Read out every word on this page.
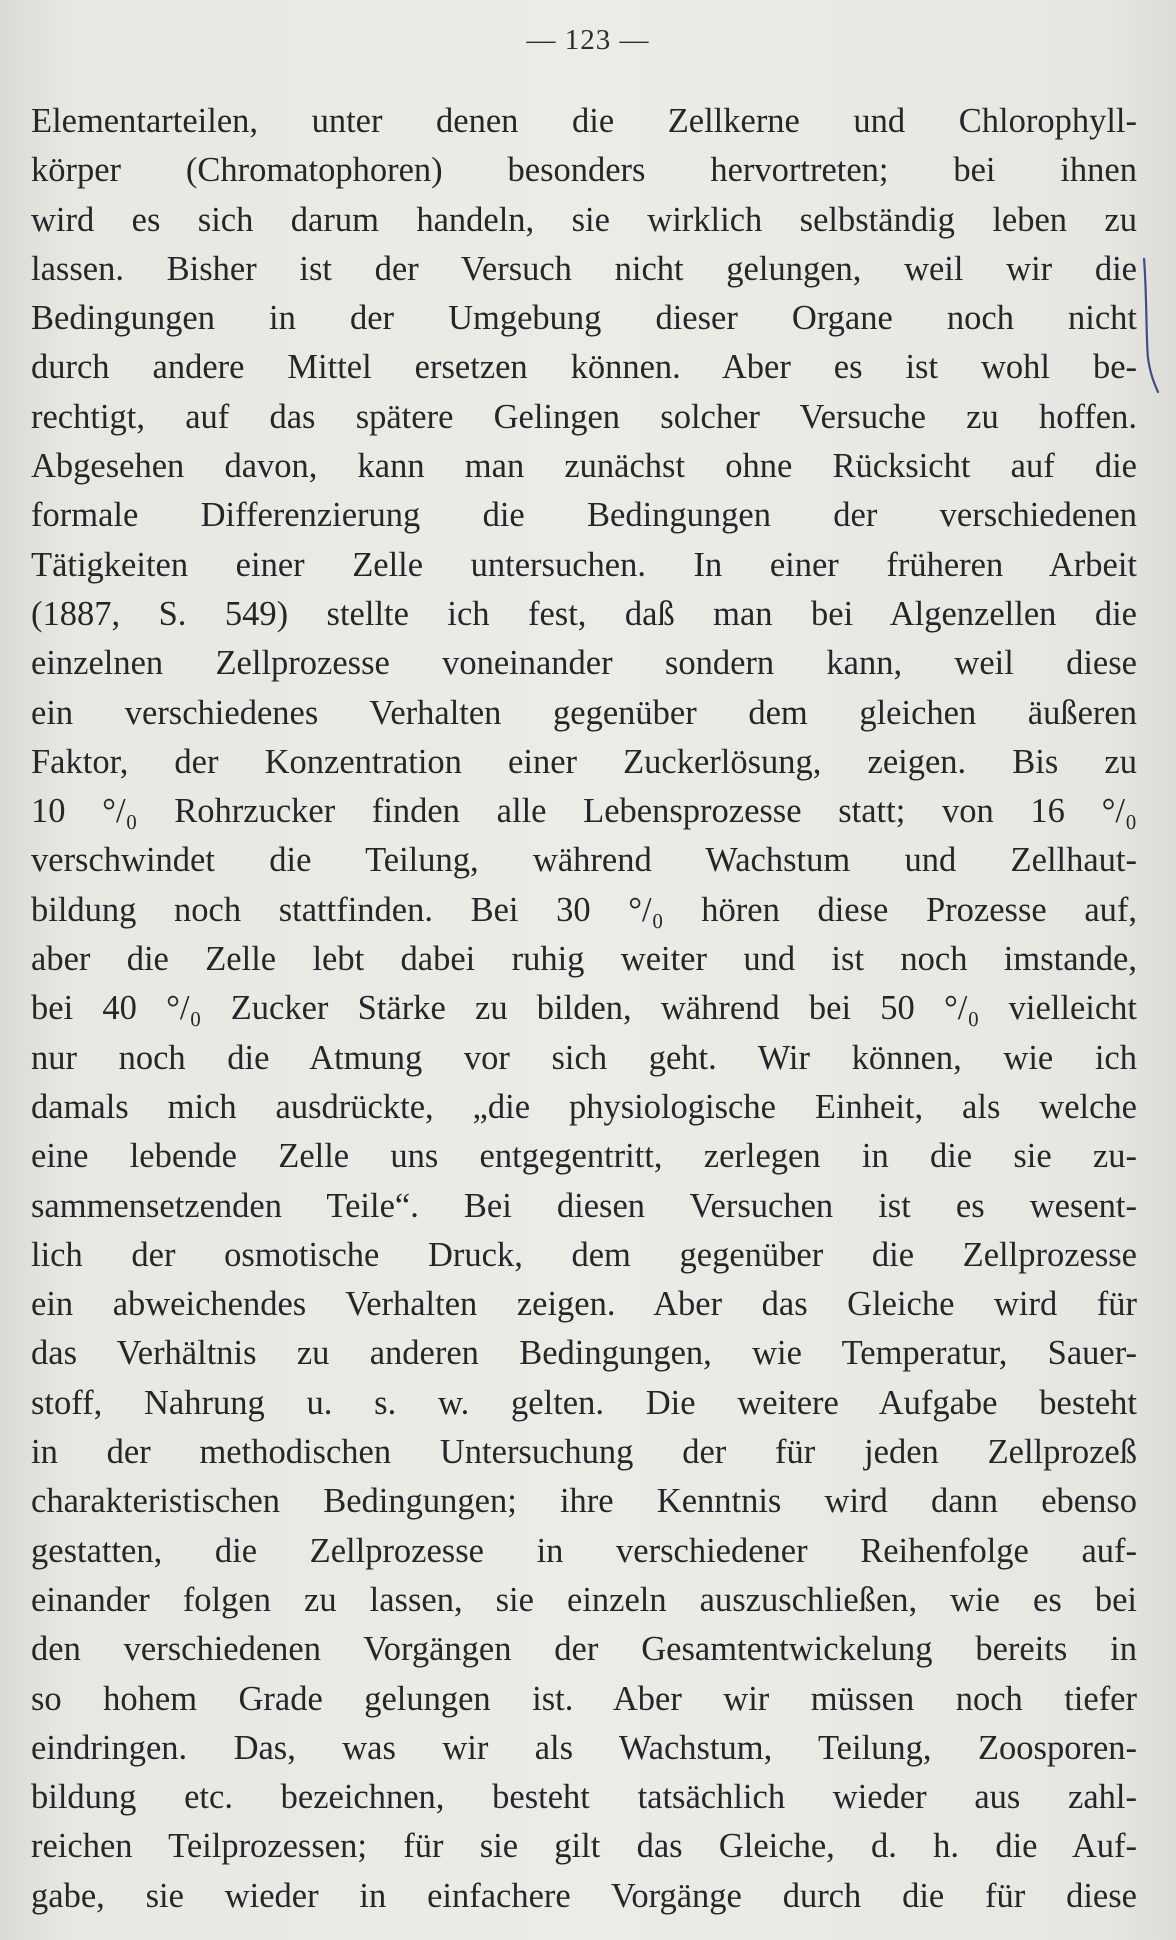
— 123 —
Elementarteilen, unter denen die Zellkerne und Chlorophyll-
körper (Chromatophoren) besonders hervortreten; bei ihnen
wird es sich darum handeln, sie wirklich selbständig leben zu
lassen. Bisher ist der Versuch nicht gelungen, weil wir die
Bedingungen in der Umgebung dieser Organe noch nicht
durch andere Mittel ersetzen können. Aber es ist wohl be-
rechtigt, auf das spätere Gelingen solcher Versuche zu hoffen.
Abgesehen davon, kann man zunächst ohne Rücksicht auf die
formale Differenzierung die Bedingungen der verschiedenen
Tätigkeiten einer Zelle untersuchen. In einer früheren Arbeit
(1887, S. 549) stellte ich fest, daß man bei Algenzellen die
einzelnen Zellprozesse voneinander sondern kann, weil diese
ein verschiedenes Verhalten gegenüber dem gleichen äußeren
Faktor, der Konzentration einer Zuckerlösung, zeigen. Bis zu
10 °/₀ Rohrzucker finden alle Lebensprozesse statt; von 16 °/₀
verschwindet die Teilung, während Wachstum und Zellhaut-
bildung noch stattfinden. Bei 30 °/₀ hören diese Prozesse auf,
aber die Zelle lebt dabei ruhig weiter und ist noch imstande,
bei 40 °/₀ Zucker Stärke zu bilden, während bei 50 °/₀ vielleicht
nur noch die Atmung vor sich geht. Wir können, wie ich
damals mich ausdrückte, „die physiologische Einheit, als welche
eine lebende Zelle uns entgegentritt, zerlegen in die sie zu-
sammensetzenden Teile“. Bei diesen Versuchen ist es wesent-
lich der osmotische Druck, dem gegenüber die Zellprozesse
ein abweichendes Verhalten zeigen. Aber das Gleiche wird für
das Verhältnis zu anderen Bedingungen, wie Temperatur, Sauer-
stoff, Nahrung u. s. w. gelten. Die weitere Aufgabe besteht
in der methodischen Untersuchung der für jeden Zellprozeß
charakteristischen Bedingungen; ihre Kenntnis wird dann ebenso
gestatten, die Zellprozesse in verschiedener Reihenfolge auf-
einander folgen zu lassen, sie einzeln auszuschließen, wie es bei
den verschiedenen Vorgängen der Gesamtentwickelung bereits in
so hohem Grade gelungen ist. Aber wir müssen noch tiefer
eindringen. Das, was wir als Wachstum, Teilung, Zoosporen-
bildung etc. bezeichnen, besteht tatsächlich wieder aus zahl-
reichen Teilprozessen; für sie gilt das Gleiche, d. h. die Auf-
gabe, sie wieder in einfachere Vorgänge durch die für diese
